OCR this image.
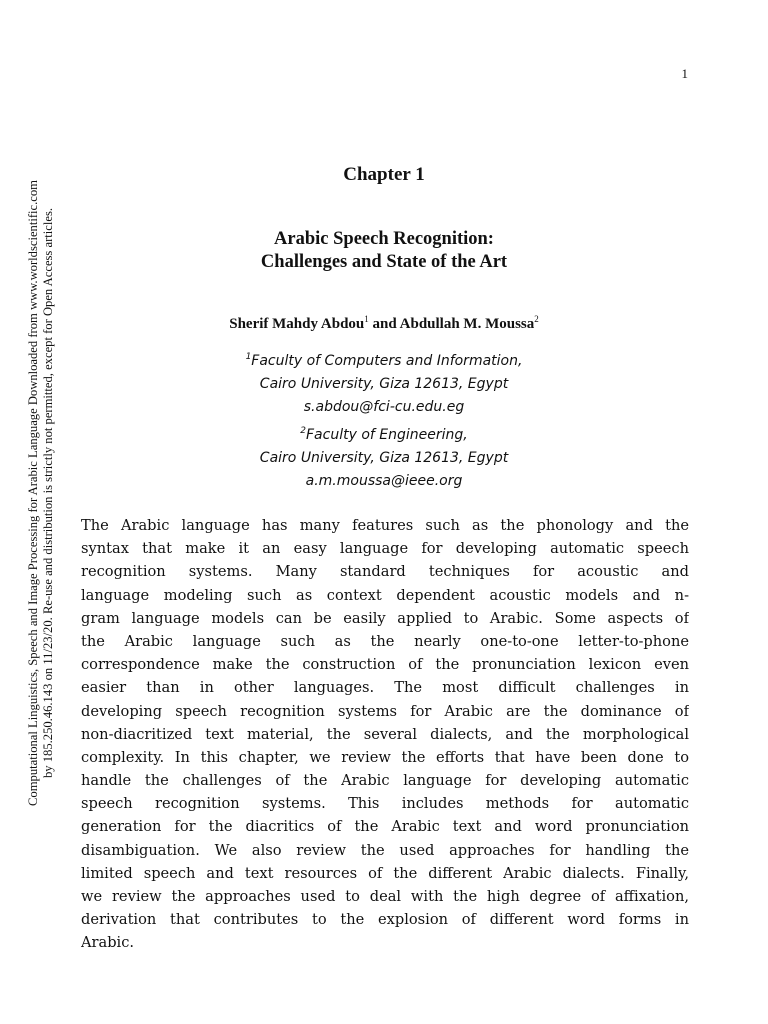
1
Computational Linguistics, Speech and Image Processing for Arabic Language Downloaded from www.worldscientific.com by 185.250.46.143 on 11/23/20. Re-use and distribution is strictly not permitted, except for Open Access articles.
Chapter 1
Arabic Speech Recognition:
Challenges and State of the Art
Sherif Mahdy Abdou$^1$ and Abdullah M. Moussa$^2$
$^1$Faculty of Computers and Information,
Cairo University, Giza 12613, Egypt
s.abdou@fci-cu.edu.eg
$^2$Faculty of Engineering,
Cairo University, Giza 12613, Egypt
a.m.moussa@ieee.org
The Arabic language has many features such as the phonology and the
syntax that make it an easy language for developing automatic speech
recognition systems. Many standard techniques for acoustic and
language modeling such as context dependent acoustic models and n-
gram language models can be easily applied to Arabic. Some aspects of
the Arabic language such as the nearly one-to-one letter-to-phone
correspondence make the construction of the pronunciation lexicon even
easier than in other languages. The most difficult challenges in
developing speech recognition systems for Arabic are the dominance of
non-diacritized text material, the several dialects, and the morphological
complexity. In this chapter, we review the efforts that have been done to
handle the challenges of the Arabic language for developing automatic
speech recognition systems. This includes methods for automatic
generation for the diacritics of the Arabic text and word pronunciation
disambiguation. We also review the used approaches for handling the
limited speech and text resources of the different Arabic dialects. Finally,
we review the approaches used to deal with the high degree of affixation,
derivation that contributes to the explosion of different word forms in
Arabic.
